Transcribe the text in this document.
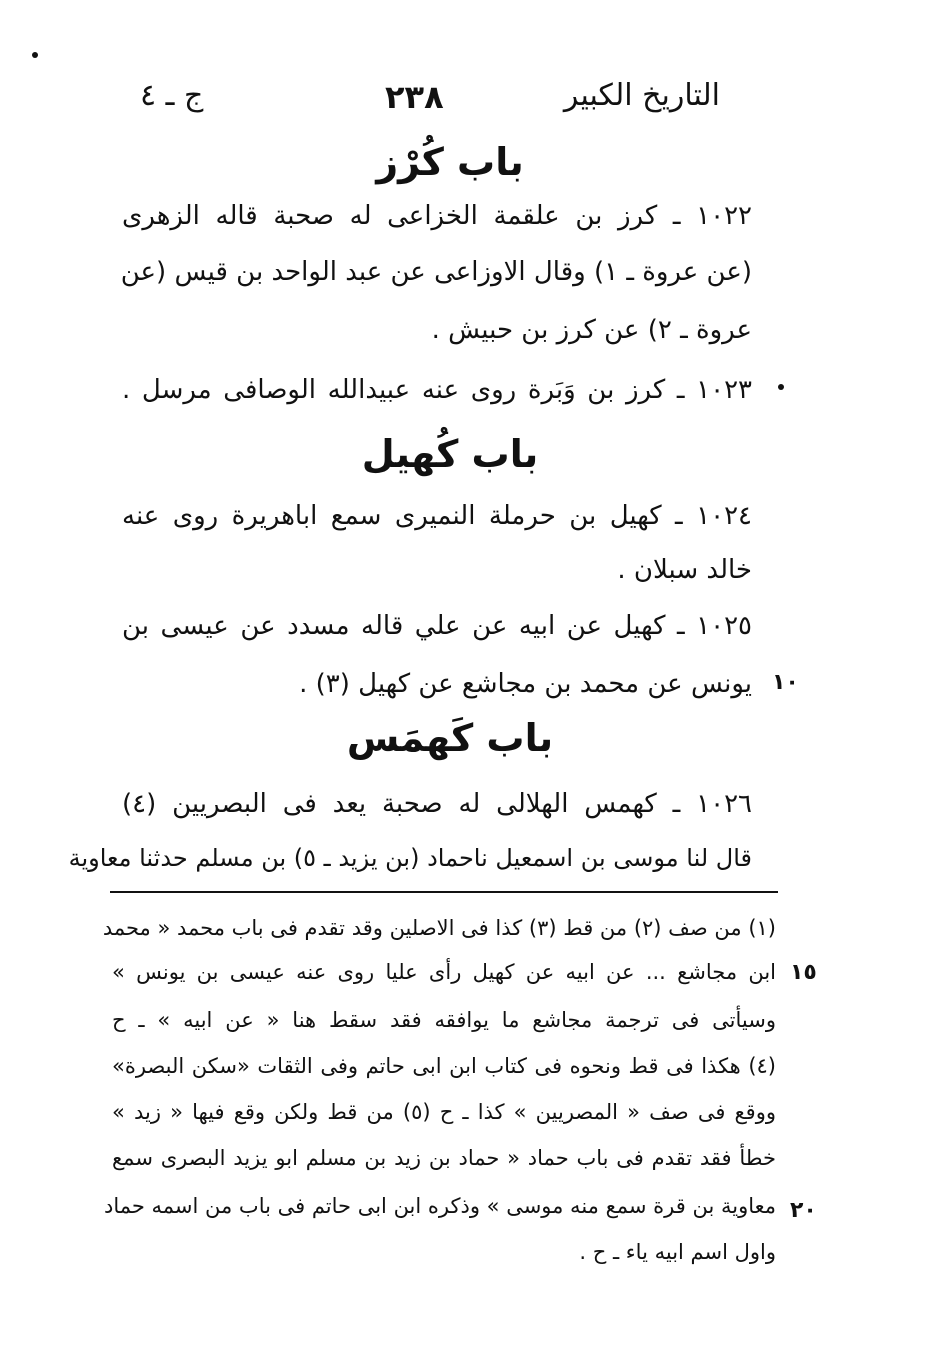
التاريخ الكبير
٢٣٨
ج ـ ٤
باب كُرْز
١٠٢٢ ـ كرز بن علقمة الخزاعى له صحبة قاله الزهرى
(عن عروة ـ ١) وقال الاوزاعى عن عبد الواحد بن قيس (عن
عروة ـ ٢) عن كرز بن حبيش .
١٠٢٣ ـ كرز بن وَبَرة روى عنه عبيدالله الوصافى مرسل .
باب كُهيل
١٠٢٤ ـ كهيل بن حرملة النميرى سمع اباهريرة روى عنه
خالد سبلان .
١٠٢٥ ـ كهيل عن ابيه عن علي قاله مسدد عن عيسى بن
١٠
يونس عن محمد بن مجاشع عن كهيل (٣) .
باب كَهمَس
١٠٢٦ ـ كهمس الهلالى له صحبة يعد فى البصريين (٤)
قال لنا موسى بن اسمعيل ناحماد (بن يزيد ـ ٥) بن مسلم حدثنا معاوية
(١) من صف (٢) من قط (٣) كذا فى الاصلين وقد تقدم فى باب محمد « محمد
١٥
ابن مجاشع ... عن ابيه عن كهيل رأى عليا روى عنه عيسى بن يونس »
وسيأتى فى ترجمة مجاشع ما يوافقه فقد سقط هنا « عن ابيه » ـ ح
(٤) هكذا فى قط ونحوه فى كتاب ابن ابى حاتم وفى الثقات «سكن البصرة»
ووقع فى صف « المصريين » كذا ـ ح (٥) من قط ولكن وقع فيها « زيد »
خطأ فقد تقدم فى باب حماد « حماد بن زيد بن مسلم ابو يزيد البصرى سمع
٢٠
معاوية بن قرة سمع منه موسى » وذكره ابن ابى حاتم فى باب من اسمه حماد
واول اسم ابيه ياء ـ ح .
